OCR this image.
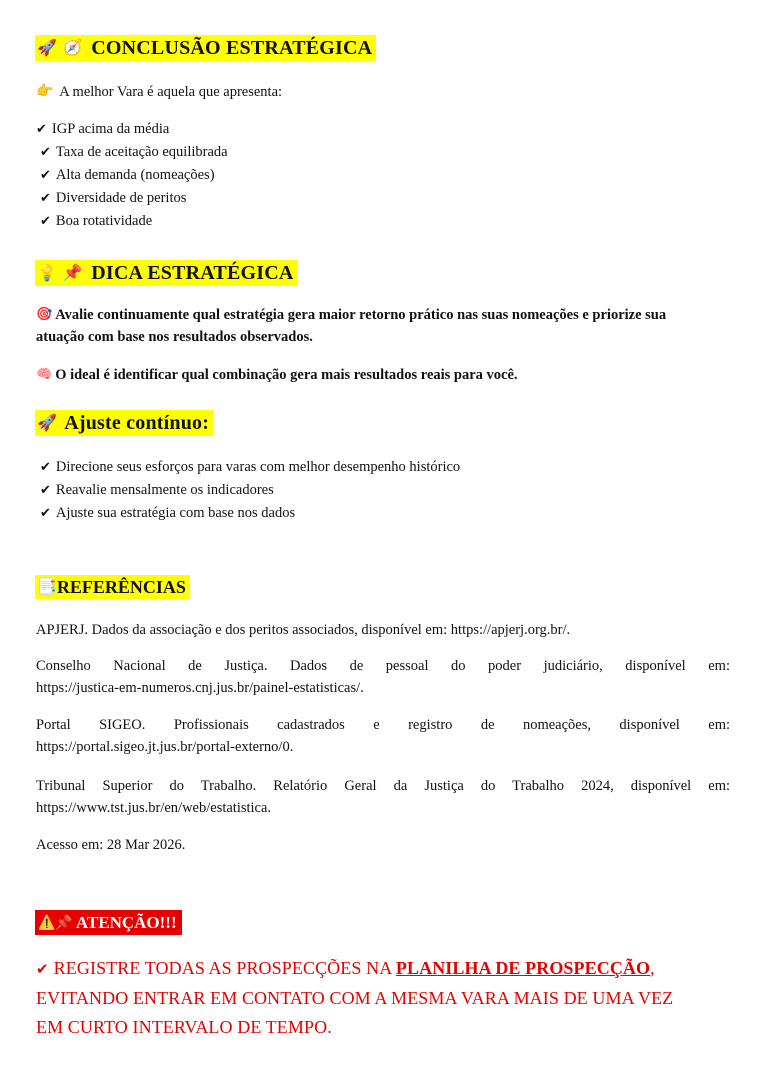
🚀 🧭 CONCLUSÃO ESTRATÉGICA
👉 A melhor Vara é aquela que apresenta:
✔ IGP acima da média
✔ Taxa de aceitação equilibrada
✔ Alta demanda (nomeações)
✔ Diversidade de peritos
✔ Boa rotatividade
💡 📌 DICA ESTRATÉGICA
🎯 Avalie continuamente qual estratégia gera maior retorno prático nas suas nomeações e priorize sua
atuação com base nos resultados observados.
🧠 O ideal é identificar qual combinação gera mais resultados reais para você.
🚀 Ajuste contínuo:
✔ Direcione seus esforços para varas com melhor desempenho histórico
✔ Reavalie mensalmente os indicadores
✔ Ajuste sua estratégia com base nos dados
📑REFERÊNCIAS
APJERJ. Dados da associação e dos peritos associados, disponível em: https://apjerj.org.br/.
Conselho Nacional de Justiça. Dados de pessoal do poder judiciário, disponível em:
https://justica-em-numeros.cnj.jus.br/painel-estatisticas/.
Portal SIGEO. Profissionais cadastrados e registro de nomeações, disponível em:
https://portal.sigeo.jt.jus.br/portal-externo/0.
Tribunal Superior do Trabalho. Relatório Geral da Justiça do Trabalho 2024, disponível em:
https://www.tst.jus.br/en/web/estatistica.
Acesso em: 28 Mar 2026.
⚠️📌 ATENÇÃO!!!
✔ REGISTRE TODAS AS PROSPECÇÕES NA PLANILHA DE PROSPECÇÃO,
EVITANDO ENTRAR EM CONTATO COM A MESMA VARA MAIS DE UMA VEZ
EM CURTO INTERVALO DE TEMPO.
